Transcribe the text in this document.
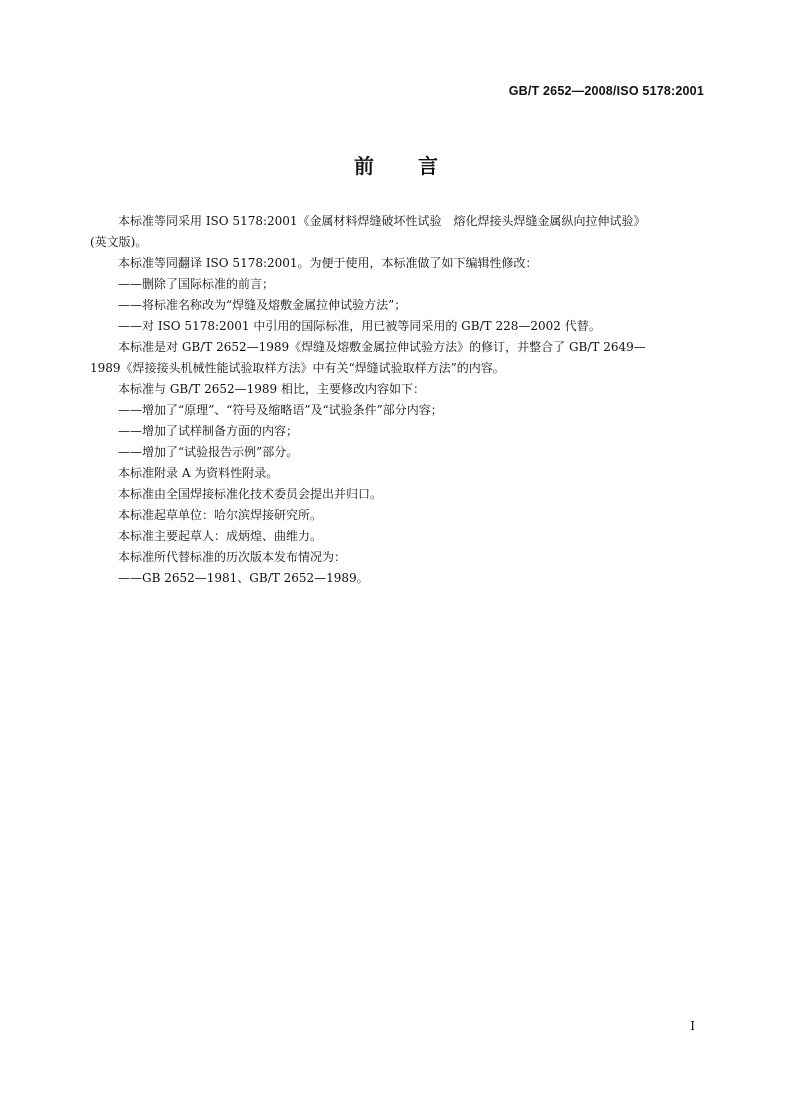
GB/T 2652—2008/ISO 5178:2001
前言

本标准等同采用 ISO 5178:2001《金属材料焊缝破坏性试验　熔化焊接头焊缝金属纵向拉伸试验》

(英文版)。

本标准等同翻译 ISO 5178:2001。为便于使用，本标准做了如下编辑性修改：

——删除了国际标准的前言；

——将标准名称改为“焊缝及熔敷金属拉伸试验方法”；

——对 ISO 5178:2001 中引用的国际标准，用已被等同采用的 GB/T 228—2002 代替。

本标准是对 GB/T 2652—1989《焊缝及熔敷金属拉伸试验方法》的修订，并整合了 GB/T 2649—

1989《焊接接头机械性能试验取样方法》中有关“焊缝试验取样方法”的内容。

本标准与 GB/T 2652—1989 相比，主要修改内容如下：

——增加了“原理”、“符号及缩略语”及“试验条件”部分内容；

——增加了试样制备方面的内容；

——增加了“试验报告示例”部分。

本标准附录 A 为资料性附录。

本标准由全国焊接标准化技术委员会提出并归口。

本标准起草单位：哈尔滨焊接研究所。

本标准主要起草人：成炳煌、曲维力。

本标准所代替标准的历次版本发布情况为：

——GB 2652—1981、GB/T 2652—1989。

I
